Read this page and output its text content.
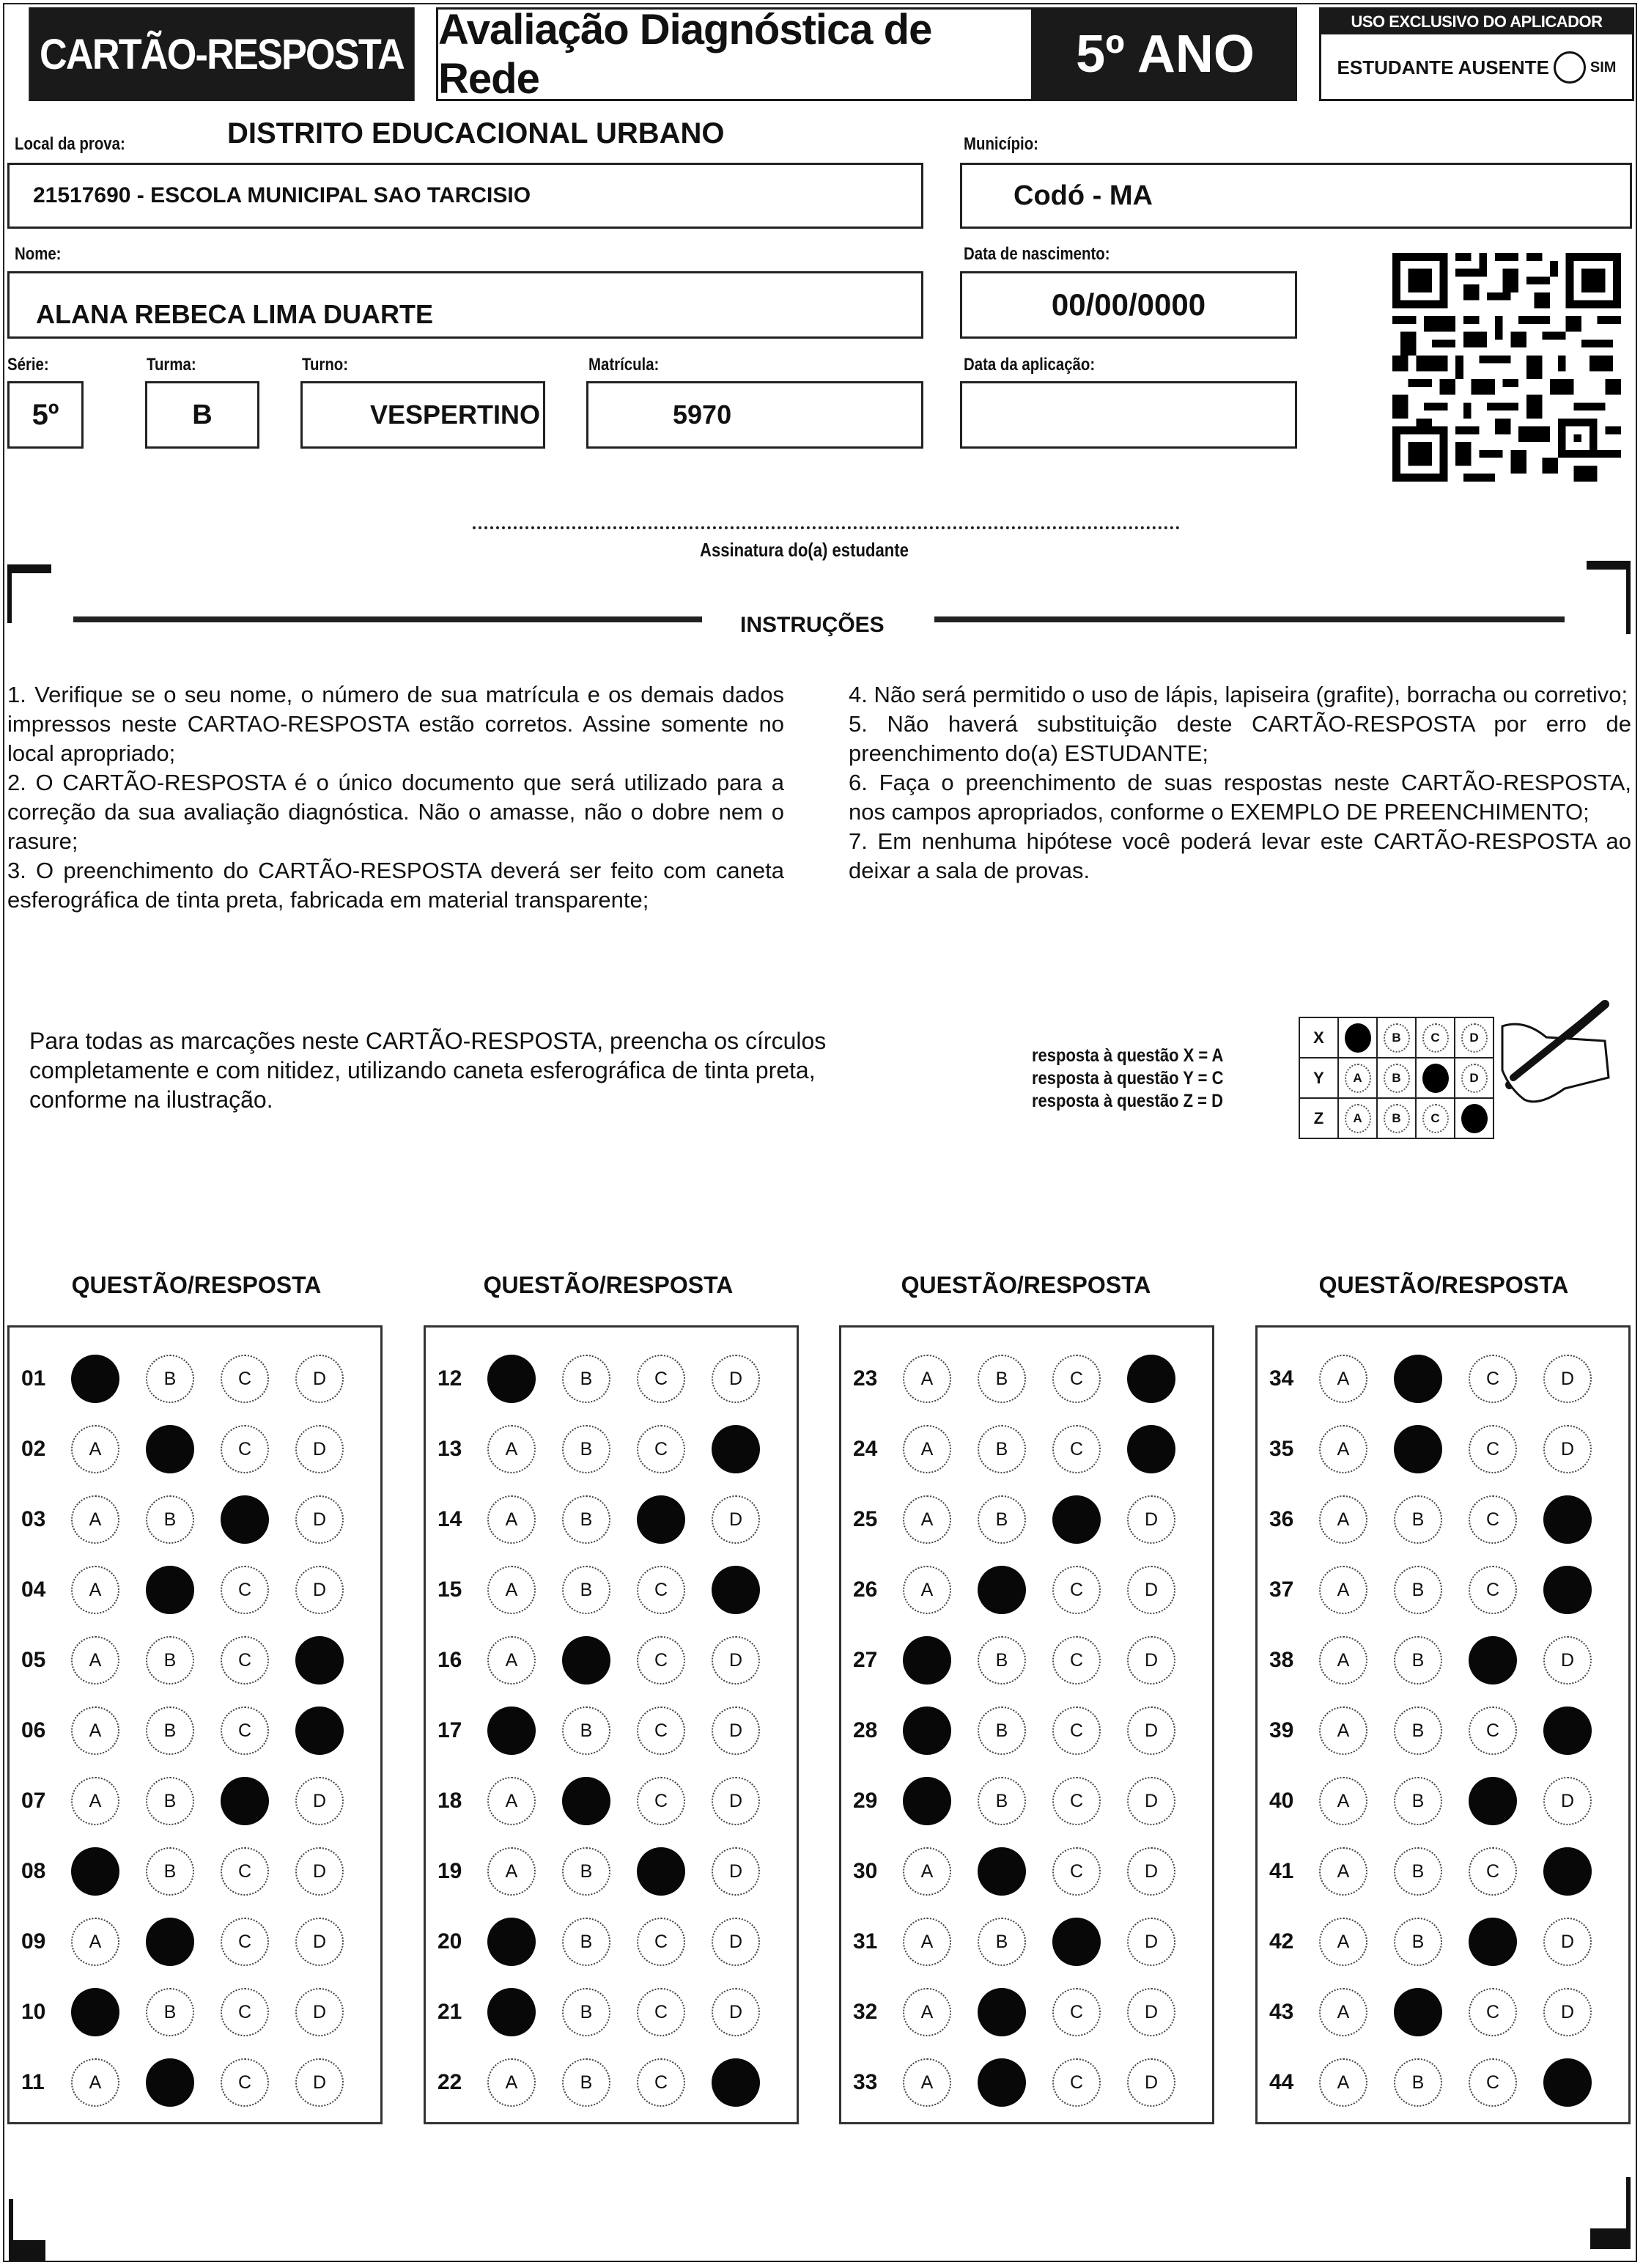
CARTÃO-RESPOSTA
Avaliação Diagnóstica de Rede	5º ANO
USO EXCLUSIVO DO APLICADOR
ESTUDANTE AUSENTE	SIM
Local da prova:	DISTRITO EDUCACIONAL URBANO
21517690 - ESCOLA MUNICIPAL SAO TARCISIO
Município:
Codó - MA
Nome:
ALANA REBECA LIMA DUARTE
Data de nascimento:
00/00/0000
Série:
5º
Turma:
B
Turno:
VESPERTINO
Matrícula:
5970
Data da aplicação:
Assinatura do(a) estudante
INSTRUÇÕES

1. Verifique se o seu nome, o número de sua matrícula e os demais dados impressos neste CARTAO-RESPOSTA estão corretos. Assine somente no local apropriado;

2. O CARTÃO-RESPOSTA é o único documento que será utilizado para a correção da sua avaliação diagnóstica. Não o amasse, não o dobre nem o rasure;

3. O preenchimento do CARTÃO-RESPOSTA deverá ser feito com caneta esferográfica de tinta preta, fabricada em material transparente;

4. Não será permitido o uso de lápis, lapiseira (grafite), borracha ou corretivo;

5. Não haverá substituição deste CARTÃO-RESPOSTA por erro de preenchimento do(a) ESTUDANTE;

6. Faça o preenchimento de suas respostas neste CARTÃO-RESPOSTA, nos campos apropriados, conforme o EXEMPLO DE PREENCHIMENTO;

7. Em nenhuma hipótese você poderá levar este CARTÃO-RESPOSTA ao deixar a sala de provas.

Para todas as marcações neste CARTÃO-RESPOSTA, preencha os círculos completamente e com nitidez, utilizando caneta esferográfica de tinta preta, conforme na ilustração.
resposta à questão X = A
resposta à questão Y = C
resposta à questão Z = D
X	A	B	C	D
Y	A	B	C	D
Z	A	B	C	D
QUESTÃO/RESPOSTA
01	A	B	C	D
02	A	B	C	D
03	A	B	C	D
04	A	B	C	D
05	A	B	C	D
06	A	B	C	D
07	A	B	C	D
08	A	B	C	D
09	A	B	C	D
10	A	B	C	D
11	A	B	C	D
QUESTÃO/RESPOSTA
12	A	B	C	D
13	A	B	C	D
14	A	B	C	D
15	A	B	C	D
16	A	B	C	D
17	A	B	C	D
18	A	B	C	D
19	A	B	C	D
20	A	B	C	D
21	A	B	C	D
22	A	B	C	D
QUESTÃO/RESPOSTA
23	A	B	C	D
24	A	B	C	D
25	A	B	C	D
26	A	B	C	D
27	A	B	C	D
28	A	B	C	D
29	A	B	C	D
30	A	B	C	D
31	A	B	C	D
32	A	B	C	D
33	A	B	C	D
QUESTÃO/RESPOSTA
34	A	B	C	D
35	A	B	C	D
36	A	B	C	D
37	A	B	C	D
38	A	B	C	D
39	A	B	C	D
40	A	B	C	D
41	A	B	C	D
42	A	B	C	D
43	A	B	C	D
44	A	B	C	D
